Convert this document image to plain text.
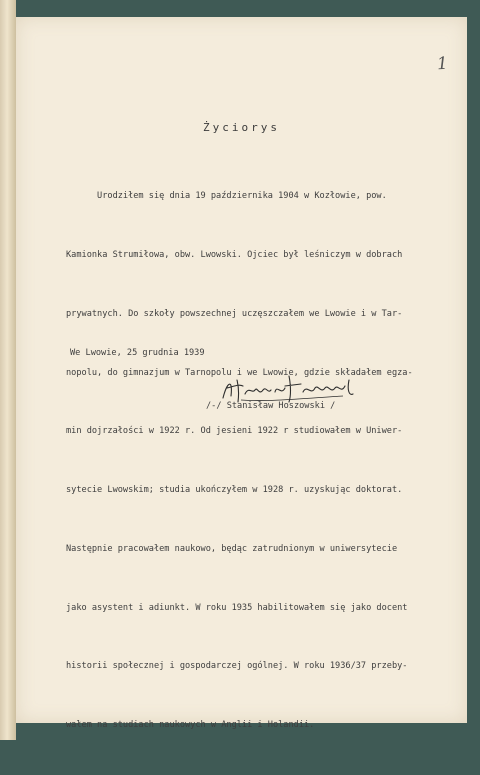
1
Życiorys

Urodziłem się dnia 19 października 1904 w Kozłowie, pow.

Kamionka Strumiłowa, obw. Lwowski. Ojciec był leśniczym w dobrach

prywatnych. Do szkoły powszechnej uczęszczałem we Lwowie i w Tar-

nopolu, do gimnazjum w Tarnopolu i we Lwowie, gdzie składałem egza-

min dojrzałości w 1922 r. Od jesieni 1922 r studiowałem w Uniwer-

sytecie Lwowskim; studia ukończyłem w 1928 r. uzyskując doktorat.

Następnie pracowałem naukowo, będąc zatrudnionym w uniwersytecie

jako asystent i adiunkt. W roku 1935 habilitowałem się jako docent

historii społecznej i gospodarczej ogólnej. W roku 1936/37 przeby-

wałem na studiach naukowych w Anglii i Holandii.

We Lwowie, 25 grudnia 1939
/-/ Stanisław Hoszowski /
